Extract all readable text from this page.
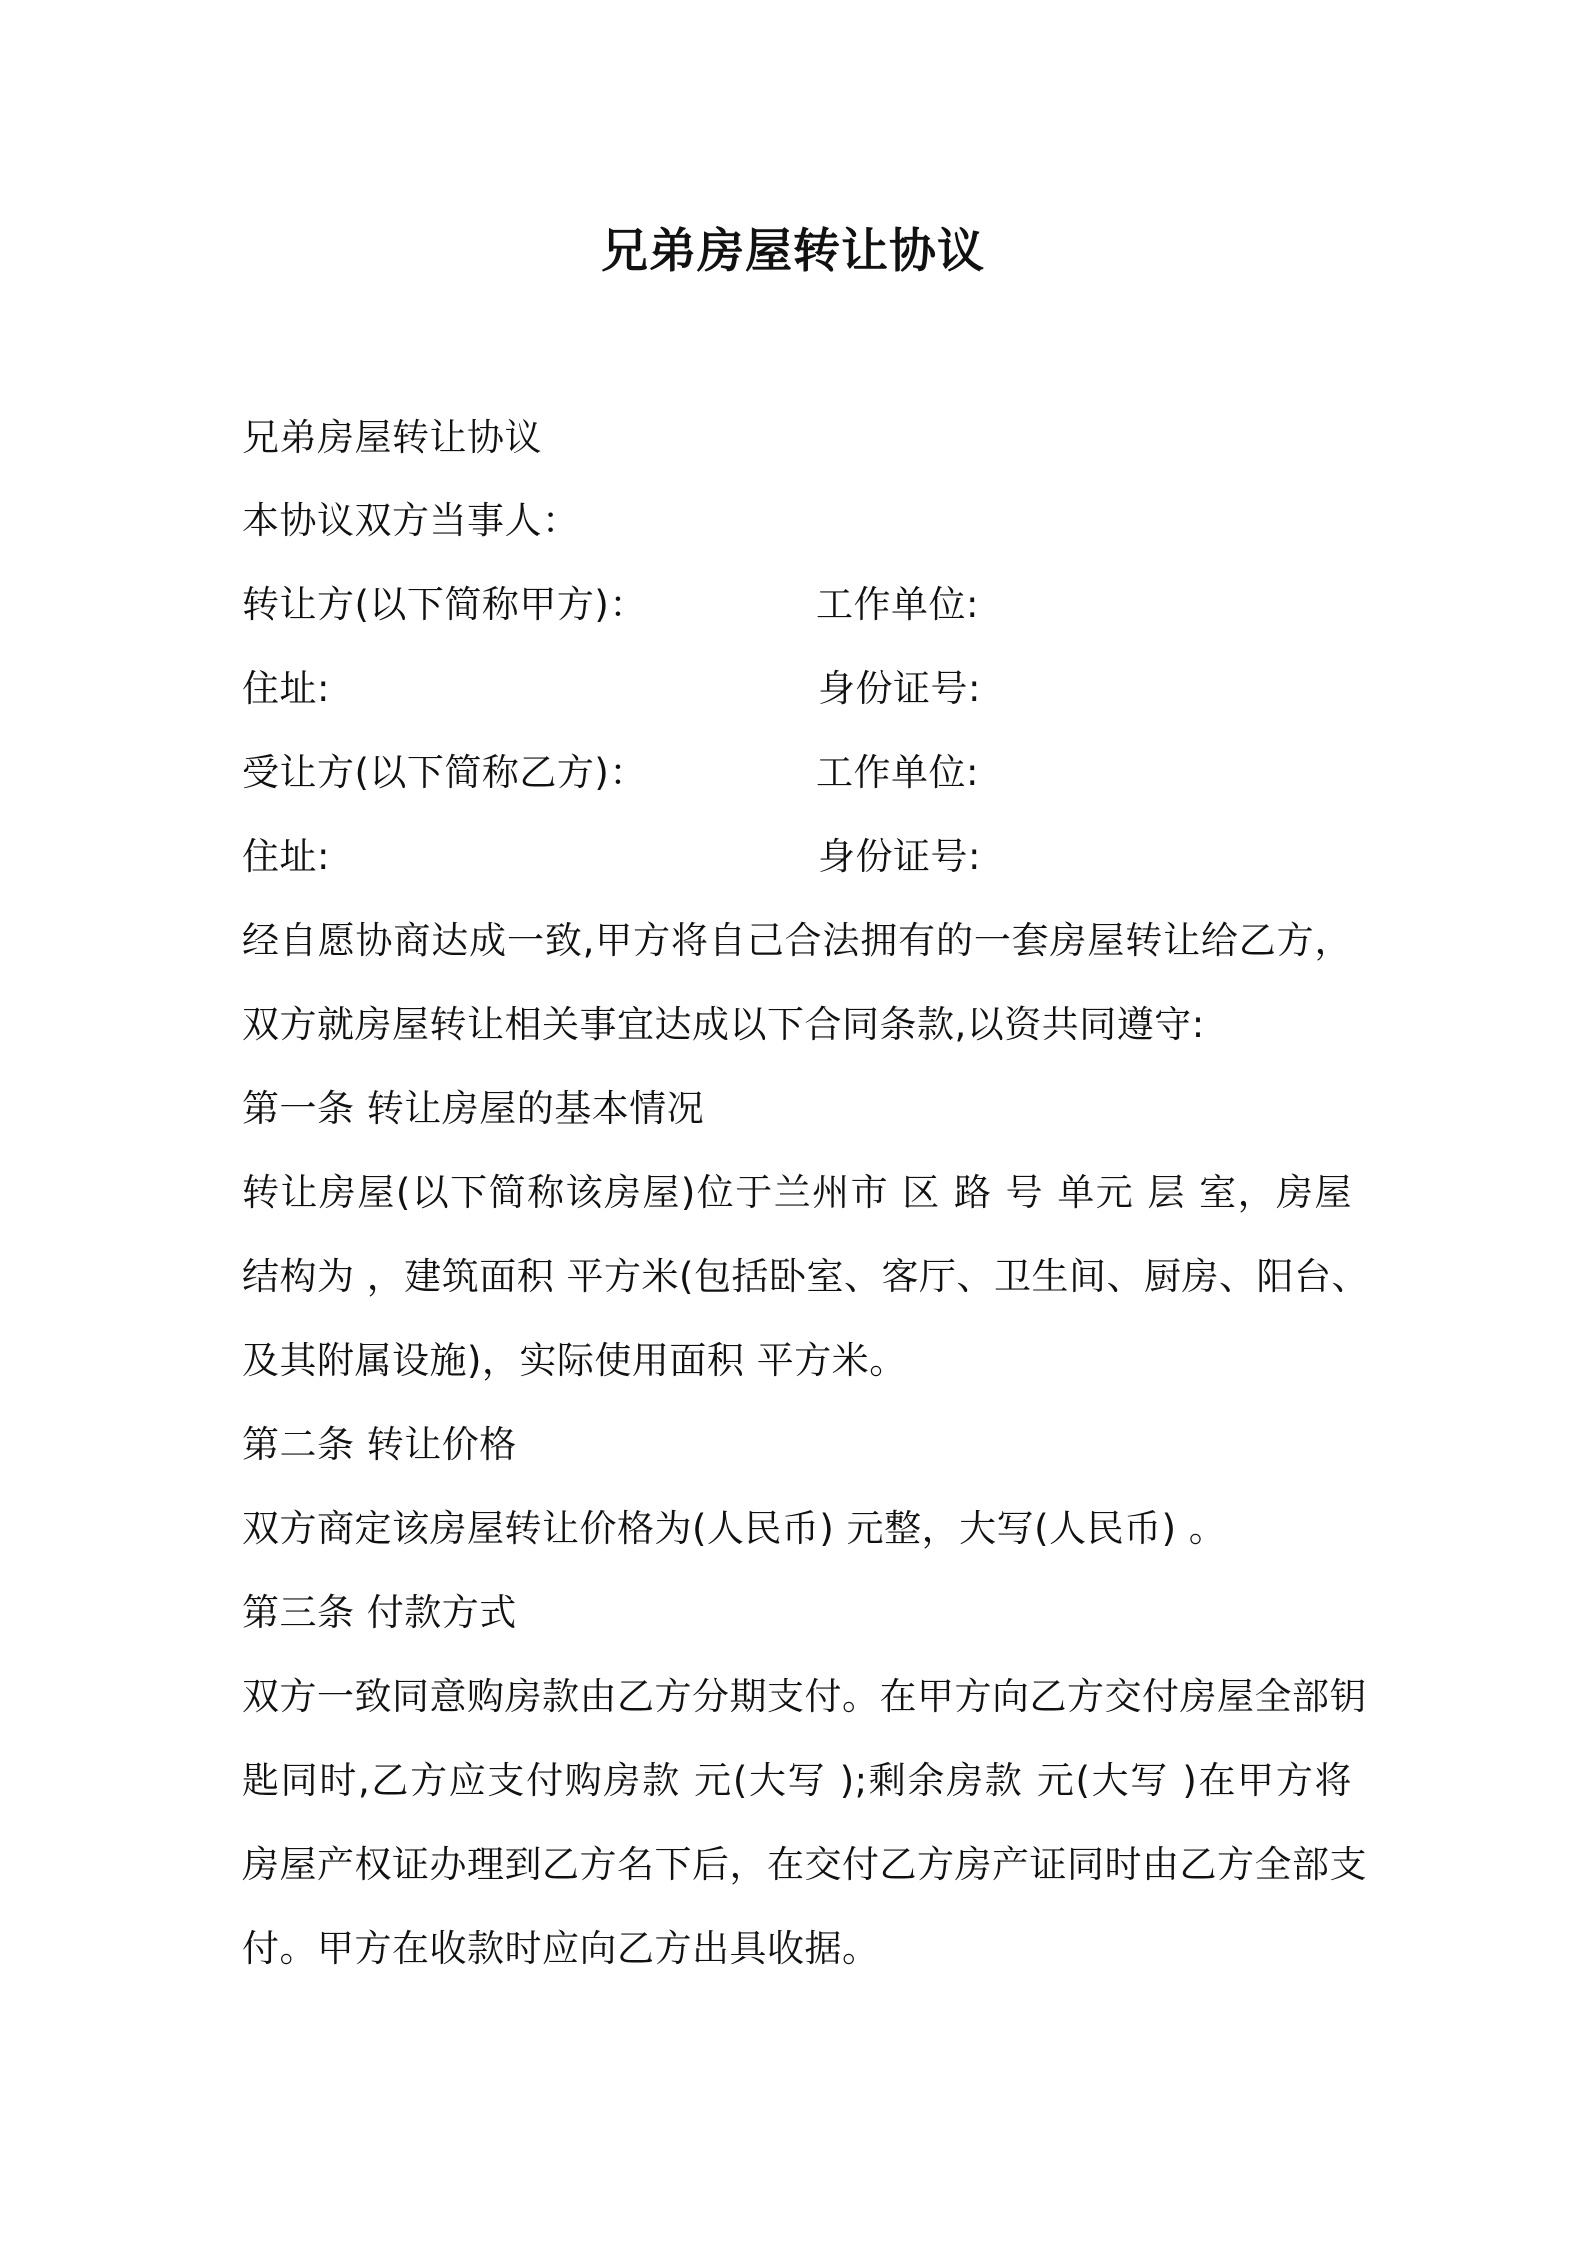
兄弟房屋转让协议
兄弟房屋转让协议
本协议双方当事人：
转让方(以下简称甲方)：	工作单位:
住址:	身份证号:
受让方(以下简称乙方)：	工作单位:
住址:	身份证号:
经自愿协商达成一致,甲方将自己合法拥有的一套房屋转让给乙方，
双方就房屋转让相关事宜达成以下合同条款,以资共同遵守:
第一条 转让房屋的基本情况
转让房屋(以下简称该房屋)位于兰州市 区 路 号 单元 层 室，房屋
结构为 ，建筑面积 平方米(包括卧室、客厅、卫生间、厨房、阳台、
及其附属设施)，实际使用面积 平方米。
第二条 转让价格
双方商定该房屋转让价格为(人民币) 元整，大写(人民币) 。
第三条 付款方式
双方一致同意购房款由乙方分期支付。在甲方向乙方交付房屋全部钥
匙同时,乙方应支付购房款 元(大写 );剩余房款 元(大写 )在甲方将
房屋产权证办理到乙方名下后，在交付乙方房产证同时由乙方全部支
付。甲方在收款时应向乙方出具收据。
